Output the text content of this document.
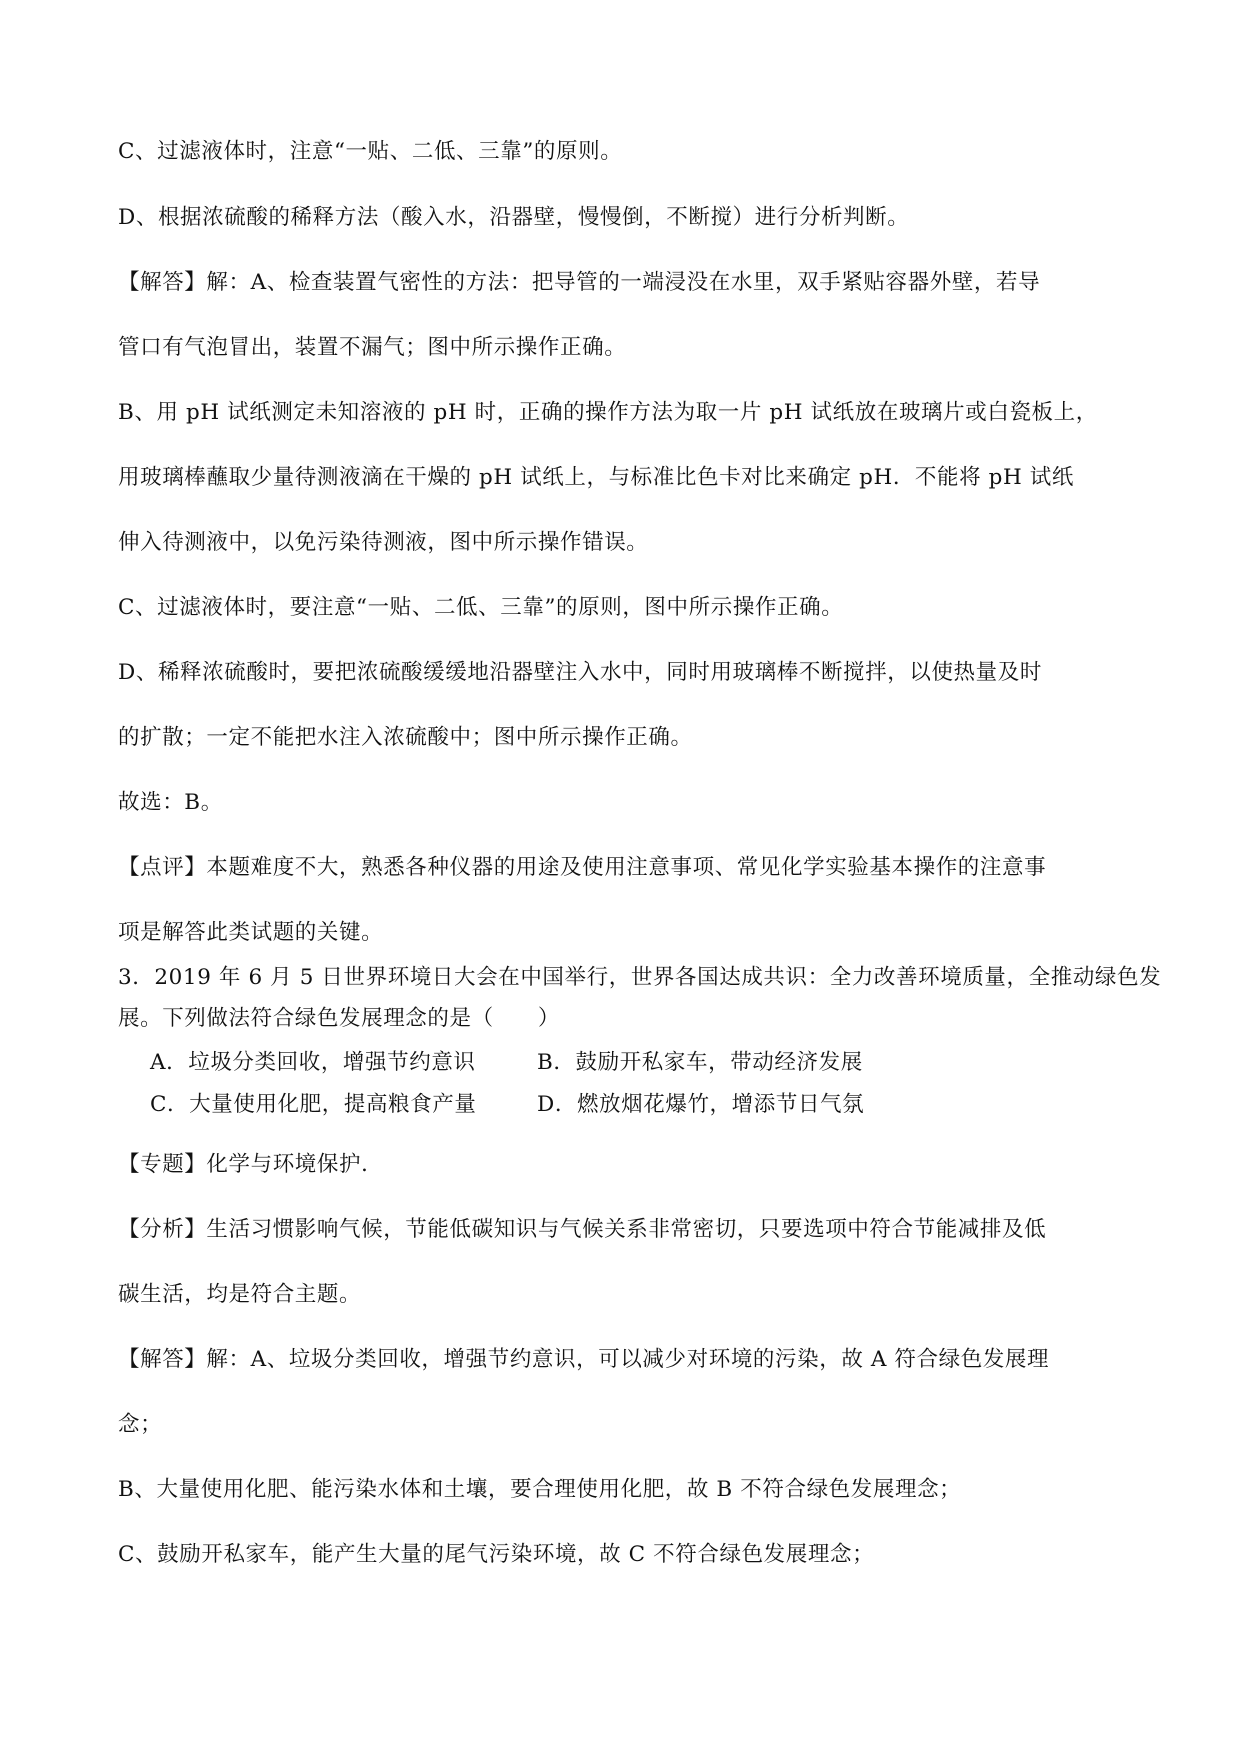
C、过滤液体时，注意“一贴、二低、三靠”的原则。
D、根据浓硫酸的稀释方法（酸入水，沿器壁，慢慢倒，不断搅）进行分析判断。
【解答】解：A、检查装置气密性的方法：把导管的一端浸没在水里，双手紧贴容器外壁，若导
管口有气泡冒出，装置不漏气；图中所示操作正确。
B、用 pH 试纸测定未知溶液的 pH 时，正确的操作方法为取一片 pH 试纸放在玻璃片或白瓷板上，
用玻璃棒蘸取少量待测液滴在干燥的 pH 试纸上，与标准比色卡对比来确定 pH．不能将 pH 试纸
伸入待测液中，以免污染待测液，图中所示操作错误。
C、过滤液体时，要注意“一贴、二低、三靠”的原则，图中所示操作正确。
D、稀释浓硫酸时，要把浓硫酸缓缓地沿器壁注入水中，同时用玻璃棒不断搅拌，以使热量及时
的扩散；一定不能把水注入浓硫酸中；图中所示操作正确。
故选：B。
【点评】本题难度不大，熟悉各种仪器的用途及使用注意事项、常见化学实验基本操作的注意事
项是解答此类试题的关键。
3．2019 年 6 月 5 日世界环境日大会在中国举行，世界各国达成共识：全力改善环境质量，全推动绿色发
展。下列做法符合绿色发展理念的是（　　）
A．垃圾分类回收，增强节约意识	B．鼓励开私家车，带动经济发展
C．大量使用化肥，提高粮食产量	D．燃放烟花爆竹，增添节日气氛
【专题】化学与环境保护．
【分析】生活习惯影响气候，节能低碳知识与气候关系非常密切，只要选项中符合节能减排及低
碳生活，均是符合主题。
【解答】解：A、垃圾分类回收，增强节约意识，可以减少对环境的污染，故 A 符合绿色发展理
念；
B、大量使用化肥、能污染水体和土壤，要合理使用化肥，故 B 不符合绿色发展理念；
C、鼓励开私家车，能产生大量的尾气污染环境，故 C 不符合绿色发展理念；
